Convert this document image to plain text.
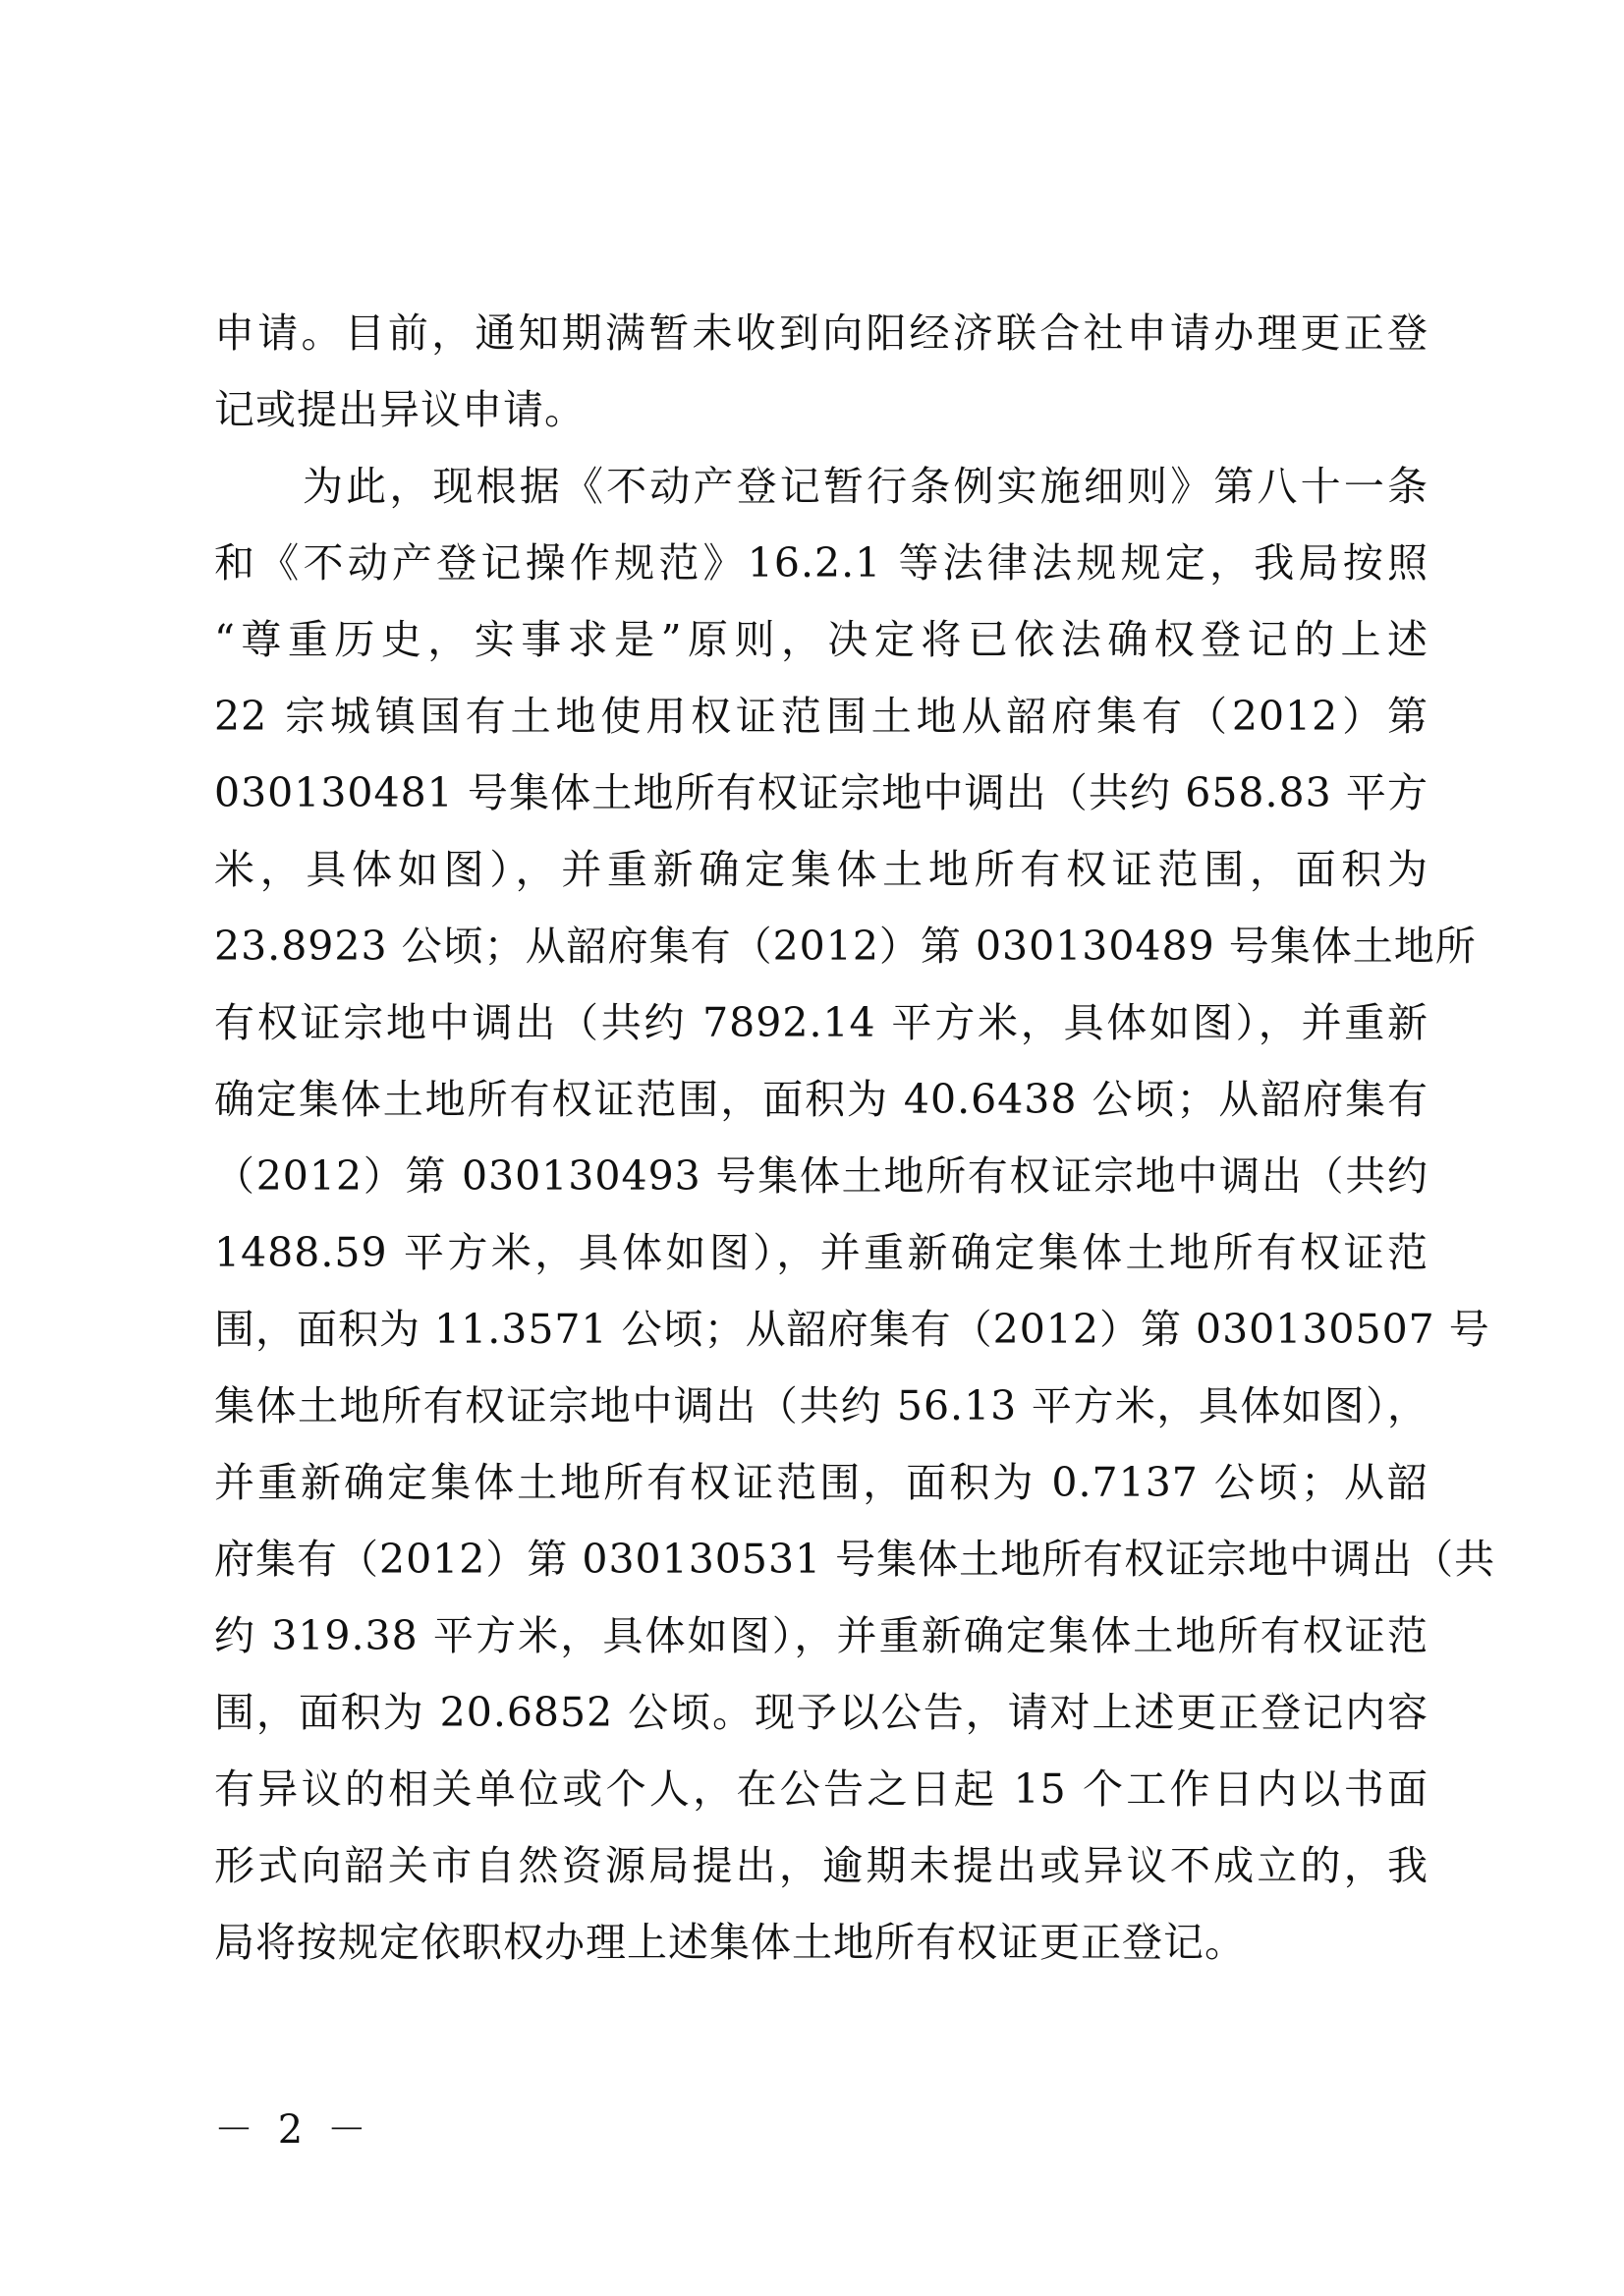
申请。目前，通知期满暂未收到向阳经济联合社申请办理更正登
记或提出异议申请。
为此，现根据《不动产登记暂行条例实施细则》第八十一条
和《不动产登记操作规范》16.2.1 等法律法规规定，我局按照
“尊重历史，实事求是”原则，决定将已依法确权登记的上述
22 宗城镇国有土地使用权证范围土地从韶府集有（2012）第
030130481 号集体土地所有权证宗地中调出（共约 658.83 平方
米，具体如图），并重新确定集体土地所有权证范围，面积为
23.8923 公顷；从韶府集有（2012）第 030130489 号集体土地所
有权证宗地中调出（共约 7892.14 平方米，具体如图），并重新
确定集体土地所有权证范围，面积为 40.6438 公顷；从韶府集有
（2012）第 030130493 号集体土地所有权证宗地中调出（共约
1488.59 平方米，具体如图），并重新确定集体土地所有权证范
围，面积为 11.3571 公顷；从韶府集有（2012）第 030130507 号
集体土地所有权证宗地中调出（共约 56.13 平方米，具体如图），
并重新确定集体土地所有权证范围，面积为 0.7137 公顷；从韶
府集有（2012）第 030130531 号集体土地所有权证宗地中调出（共
约 319.38 平方米，具体如图），并重新确定集体土地所有权证范
围，面积为 20.6852 公顷。现予以公告，请对上述更正登记内容
有异议的相关单位或个人，在公告之日起 15 个工作日内以书面
形式向韶关市自然资源局提出，逾期未提出或异议不成立的，我
局将按规定依职权办理上述集体土地所有权证更正登记。
－ 2 －
